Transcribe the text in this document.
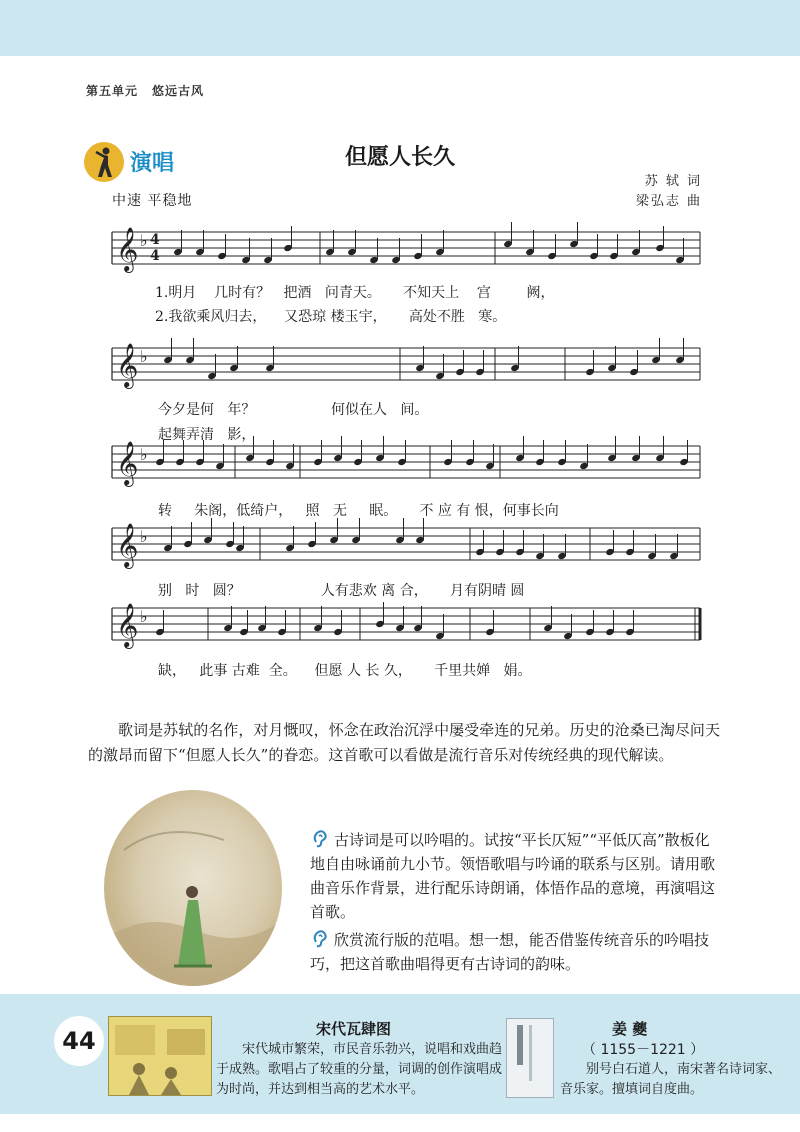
第五单元 悠远古风
演唱	但愿人长久
苏 轼 词
梁弘志 曲
中速 平稳地
𝄞 ♭
𝄞 ♭
𝄞 ♭
𝄞 ♭
𝄞 ♭
4
4
1.明月    几时有？   把酒   问青天。     不知天上    宫        阙，
2.我欲乘风归去，    又恐琼 楼玉宇，     高处不胜   寒。
今夕是何   年？                 何似在人   间。
起舞弄清   影，
转     朱阁，低绮户，   照   无     眠。     不 应 有 恨，何事长向
别   时   圆？                  人有悲欢 离 合，     月有阴晴 圆
缺，   此事 古难  全。    但愿 人 长 久，     千里共婵   娟。
歌词是苏轼的名作，对月慨叹，怀念在政治沉浮中屡受牵连的兄弟。历史的沧桑已淘尽问天的激昂而留下“但愿人长久”的眷恋。这首歌可以看做是流行音乐对传统经典的现代解读。
古诗词是可以吟唱的。试按“平长仄短”“平低仄高”散板化地自由咏诵前九小节。领悟歌唱与吟诵的联系与区别。请用歌曲音乐作背景，进行配乐诗朗诵，体悟作品的意境，再演唱这首歌。
欣赏流行版的范唱。想一想，能否借鉴传统音乐的吟唱技巧，把这首歌曲唱得更有古诗词的韵味。
44	宋代瓦肆图
宋代城市繁荣，市民音乐勃兴，说唱和戏曲趋于成熟。歌唱占了较重的分量，词调的创作演唱成为时尚，并达到相当高的艺术水平。
姜 夔
（ 1155－1221 ）
别号白石道人，南宋著名诗词家、音乐家。擅填词自度曲。
